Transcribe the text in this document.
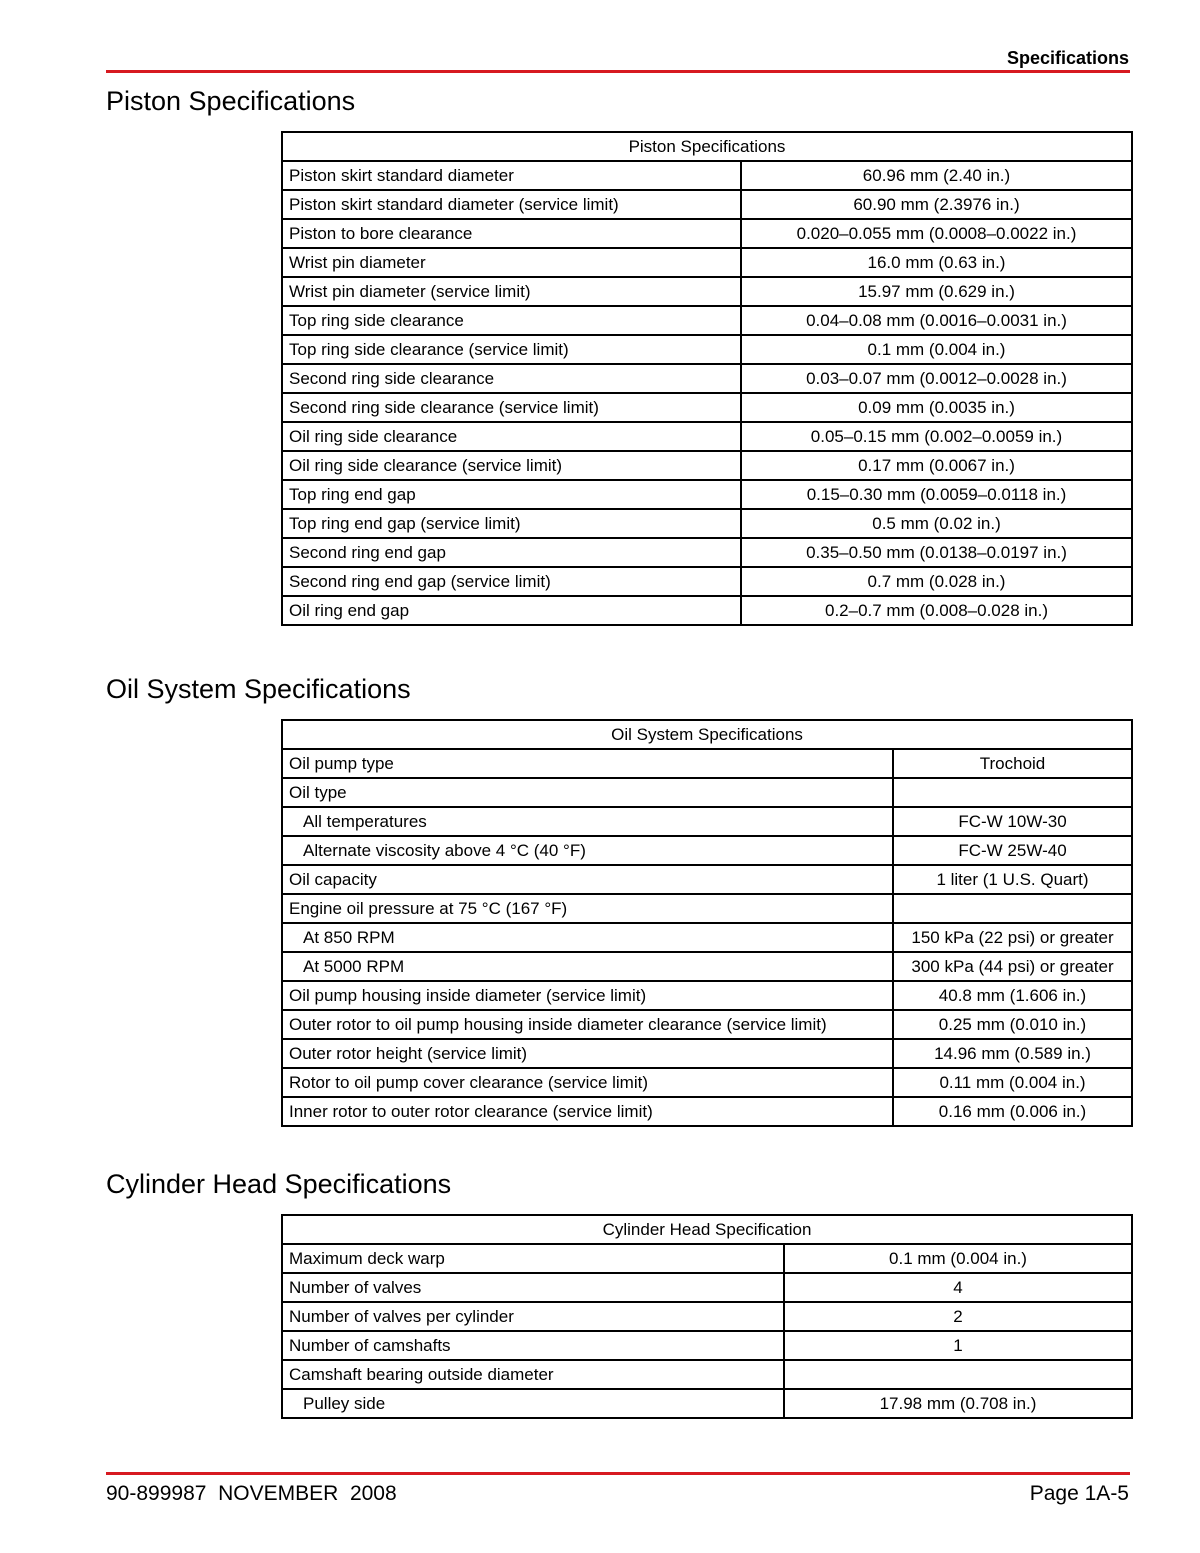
Specifications
Piston Specifications
Piston Specifications	
Piston skirt standard diameter	60.96 mm (2.40 in.)
Piston skirt standard diameter (service limit)	60.90 mm (2.3976 in.)
Piston to bore clearance	0.020–0.055 mm (0.0008–0.0022 in.)
Wrist pin diameter	16.0 mm (0.63 in.)
Wrist pin diameter (service limit)	15.97 mm (0.629 in.)
Top ring side clearance	0.04–0.08 mm (0.0016–0.0031 in.)
Top ring side clearance (service limit)	0.1 mm (0.004 in.)
Second ring side clearance	0.03–0.07 mm (0.0012–0.0028 in.)
Second ring side clearance (service limit)	0.09 mm (0.0035 in.)
Oil ring side clearance	0.05–0.15 mm (0.002–0.0059 in.)
Oil ring side clearance (service limit)	0.17 mm (0.0067 in.)
Top ring end gap	0.15–0.30 mm (0.0059–0.0118 in.)
Top ring end gap (service limit)	0.5 mm (0.02 in.)
Second ring end gap	0.35–0.50 mm (0.0138–0.0197 in.)
Second ring end gap (service limit)	0.7 mm (0.028 in.)
Oil ring end gap	0.2–0.7 mm (0.008–0.028 in.)
Oil System Specifications
Oil System Specifications	
Oil pump type	Trochoid
Oil type	
All temperatures	FC-W 10W-30
Alternate viscosity above 4 °C (40 °F)	FC-W 25W-40
Oil capacity	1 liter (1 U.S. Quart)
Engine oil pressure at 75 °C (167 °F)	
At 850 RPM	150 kPa (22 psi) or greater
At 5000 RPM	300 kPa (44 psi) or greater
Oil pump housing inside diameter (service limit)	40.8 mm (1.606 in.)
Outer rotor to oil pump housing inside diameter clearance (service limit)	0.25 mm (0.010 in.)
Outer rotor height (service limit)	14.96 mm (0.589 in.)
Rotor to oil pump cover clearance (service limit)	0.11 mm (0.004 in.)
Inner rotor to outer rotor clearance (service limit)	0.16 mm (0.006 in.)
Cylinder Head Specifications
Cylinder Head Specification	
Maximum deck warp	0.1 mm (0.004 in.)
Number of valves	4
Number of valves per cylinder	2
Number of camshafts	1
Camshaft bearing outside diameter	
Pulley side	17.98 mm (0.708 in.)
90-899987  NOVEMBER  2008	Page 1A-5
